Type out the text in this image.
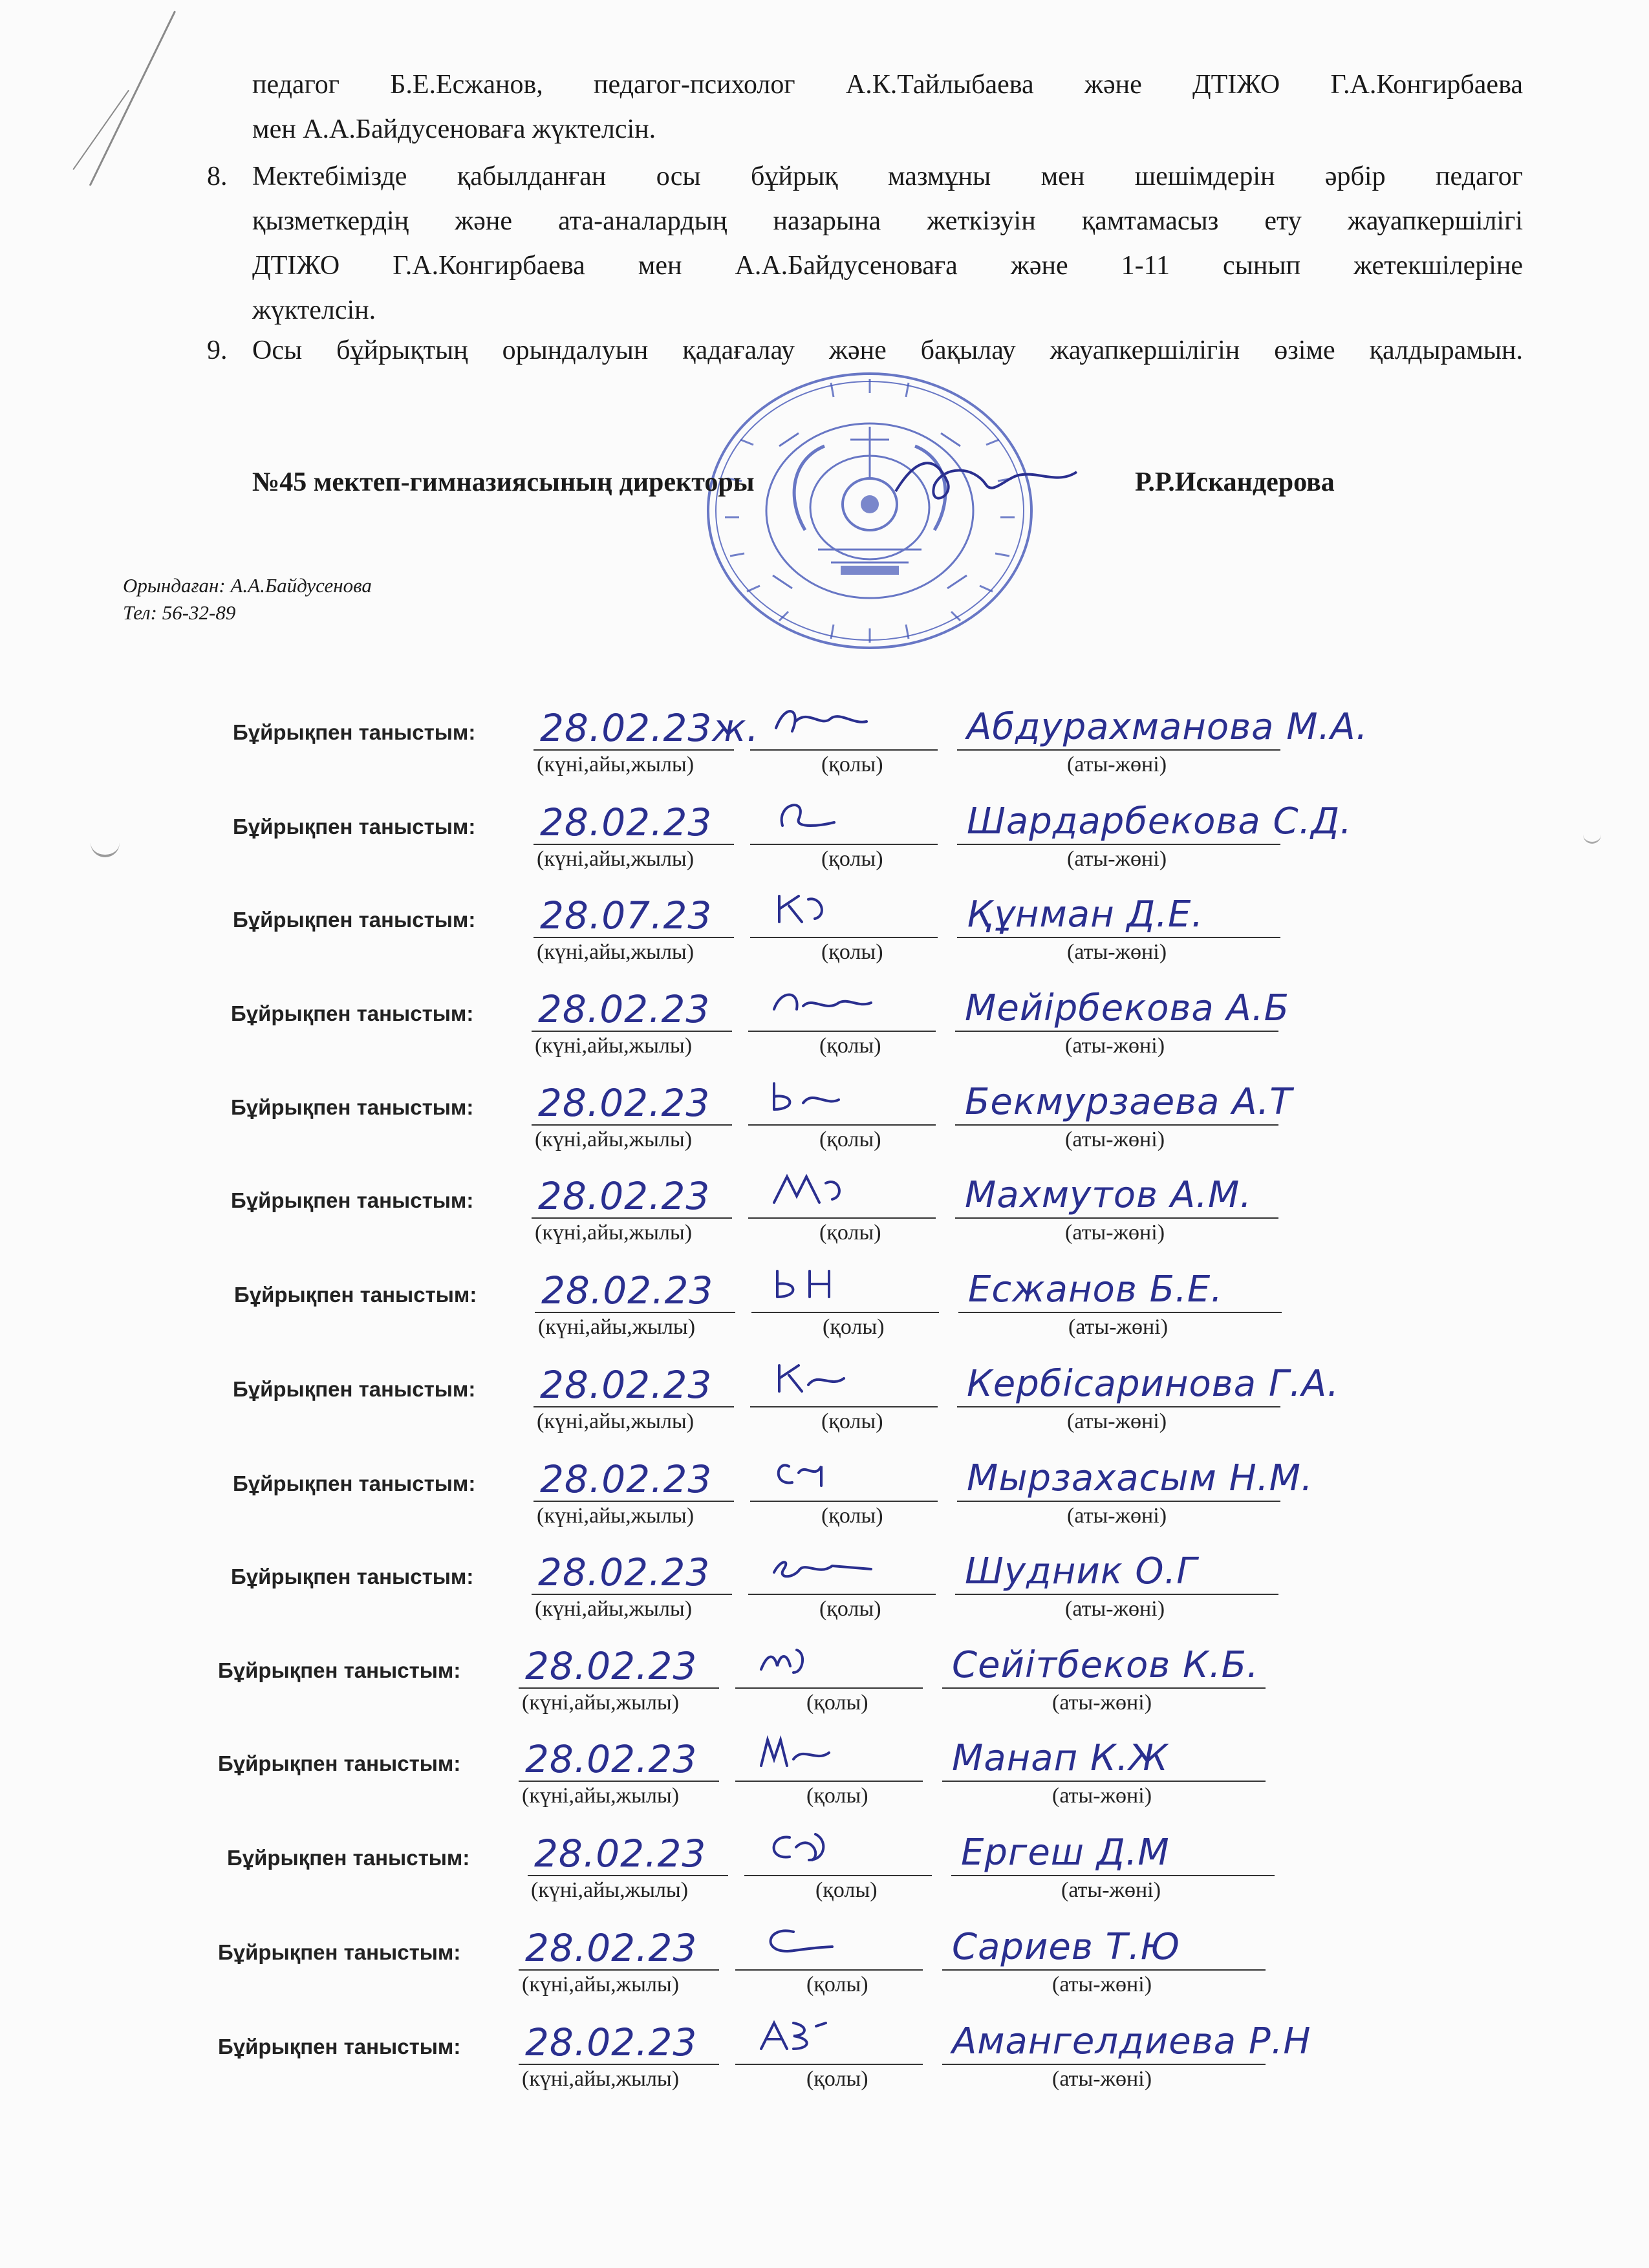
педагог Б.Е.Есжанов, педагог-психолог А.К.Тайлыбаева және ДТІЖО Г.А.Конгирбаева
мен А.А.Байдусеноваға жүктелсін.
8. Мектебімізде қабылданған осы бұйрық мазмұны мен шешімдерін әрбір педагог
қызметкердің және ата-аналардың назарына жеткізуін қамтамасыз ету жауапкершілігі
ДТІЖО Г.А.Конгирбаева мен А.А.Байдусеноваға және 1-11 сынып жетекшілеріне
жүктелсін.
9. Осы бұйрықтың орындалуын қадағалау және бақылау жауапкершілігін өзіме қалдырамын.
№45 мектеп-гимназиясының директоры	Р.Р.Искандерова
Орындаған: А.А.Байдусенова
Тел: 56-32-89
Бұйрықпен таныстым: 28.02.23ж.	Абдурахманова М.А.
(күні,айы,жылы)	(қолы)	(аты-жөні)
Бұйрықпен таныстым: 28.02.23	Шардарбекова С.Д.
(күні,айы,жылы)	(қолы)	(аты-жөні)
Бұйрықпен таныстым: 28.07.23	Құнман Д.Е.
(күні,айы,жылы)	(қолы)	(аты-жөні)
Бұйрықпен таныстым: 28.02.23	Мейірбекова А.Б
(күні,айы,жылы)	(қолы)	(аты-жөні)
Бұйрықпен таныстым: 28.02.23	Бекмурзаева А.Т
(күні,айы,жылы)	(қолы)	(аты-жөні)
Бұйрықпен таныстым: 28.02.23	Махмутов А.М.
(күні,айы,жылы)	(қолы)	(аты-жөні)
Бұйрықпен таныстым: 28.02.23	Есжанов Б.Е.
(күні,айы,жылы)	(қолы)	(аты-жөні)
Бұйрықпен таныстым: 28.02.23	Кербісаринова Г.А.
(күні,айы,жылы)	(қолы)	(аты-жөні)
Бұйрықпен таныстым: 28.02.23	Мырзахасым Н.М.
(күні,айы,жылы)	(қолы)	(аты-жөні)
Бұйрықпен таныстым: 28.02.23	Шудник О.Г
(күні,айы,жылы)	(қолы)	(аты-жөні)
Бұйрықпен таныстым: 28.02.23	Сейітбеков К.Б.
(күні,айы,жылы)	(қолы)	(аты-жөні)
Бұйрықпен таныстым: 28.02.23	Манап К.Ж
(күні,айы,жылы)	(қолы)	(аты-жөні)
Бұйрықпен таныстым: 28.02.23	Ергеш Д.М
(күні,айы,жылы)	(қолы)	(аты-жөні)
Бұйрықпен таныстым: 28.02.23	Сариев Т.Ю
(күні,айы,жылы)	(қолы)	(аты-жөні)
Бұйрықпен таныстым: 28.02.23	Амангелдиева Р.Н
(күні,айы,жылы)	(қолы)	(аты-жөні)
